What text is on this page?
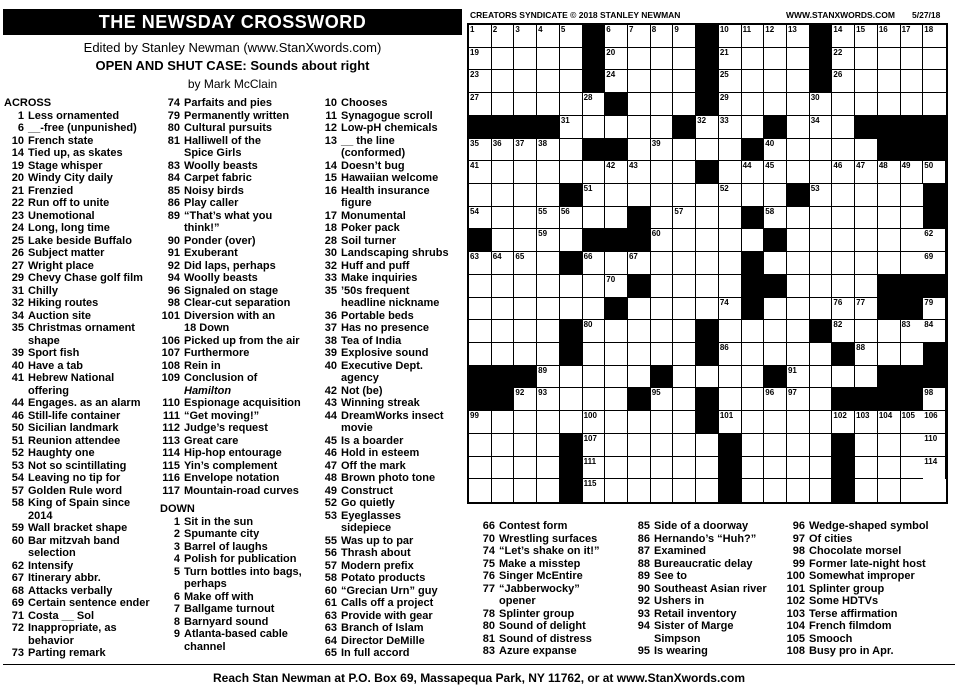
THE NEWSDAY CROSSWORD
Edited by Stanley Newman (www.StanXwords.com)
OPEN AND SHUT CASE: Sounds about right
by Mark McClain
CREATORS SYNDICATE © 2018 STANLEY NEWMAN	WWW.STANXWORDS.COM 5/27/18
1 2 3 4 5	6 7 8 9	10 11 12 13	14 15 16 17 18
19	20	21	22
23	24	25	26
27	28	29	30
31	32 33	34
35 36 37 38	39	40
41	42 43	44 45	46 47 48 49 50
51	52	53
54	55 56	57	58
59	60	62
63 64 65	66	67	69
70
74	76 77	79
80	82	83 84
86	88
89	91
92 93	95	96 97	98
99	100	101	102 103 104 105 106
107	110
111	114
115
ACROSS
1 Less ornamented
6 __-free (unpunished)
10 French state
14 Tied up, as skates
19 Stage whisper
20 Windy City daily
21 Frenzied
22 Run off to unite
23 Unemotional
24 Long, long time
25 Lake beside Buffalo
26 Subject matter
27 Wright place
29 Chevy Chase golf film
31 Chilly
32 Hiking routes
34 Auction site
35 Christmas ornament
shape
39 Sport fish
40 Have a tab
41 Hebrew National
offering
44 Engages. as an alarm
46 Still-life container
50 Sicilian landmark
51 Reunion attendee
52 Haughty one
53 Not so scintillating
54 Leaving no tip for
57 Golden Rule word
58 King of Spain since
2014
59 Wall bracket shape
60 Bar mitzvah band
selection
62 Intensify
67 Itinerary abbr.
68 Attacks verbally
69 Certain sentence ender
71 Costa __ Sol
72 Inappropriate, as
behavior
73 Parting remark
74 Parfaits and pies
79 Permanently written
80 Cultural pursuits
81 Halliwell of the
Spice Girls
83 Woolly beasts
84 Carpet fabric
85 Noisy birds
86 Play caller
89 “That’s what you
think!”
90 Ponder (over)
91 Exuberant
92 Did laps, perhaps
94 Woolly beasts
96 Signaled on stage
98 Clear-cut separation
101 Diversion with an
18 Down
106 Picked up from the air
107 Furthermore
108 Rein in
109 Conclusion of
Hamilton
110 Espionage acquisition
111 “Get moving!”
112 Judge’s request
113 Great care
114 Hip-hop entourage
115 Yin’s complement
116 Envelope notation
117 Mountain-road curves
DOWN
1 Sit in the sun
2 Spumante city
3 Barrel of laughs
4 Polish for publication
5 Turn bottles into bags,
perhaps
6 Make off with
7 Ballgame turnout
8 Barnyard sound
9 Atlanta-based cable
channel
10 Chooses
11 Synagogue scroll
12 Low-pH chemicals
13 __ the line
(conformed)
14 Doesn’t bug
15 Hawaiian welcome
16 Health insurance
figure
17 Monumental
18 Poker pack
28 Soil turner
30 Landscaping shrubs
32 Huff and puff
33 Make inquiries
35 ’50s frequent
headline nickname
36 Portable beds
37 Has no presence
38 Tea of India
39 Explosive sound
40 Executive Dept.
agency
42 Not (be)
43 Winning streak
44 DreamWorks insect
movie
45 Is a boarder
46 Hold in esteem
47 Off the mark
48 Brown photo tone
49 Construct
52 Go quietly
53 Eyeglasses
sidepiece
55 Was up to par
56 Thrash about
57 Modern prefix
58 Potato products
60 “Grecian Urn” guy
61 Calls off a project
63 Provide with gear
63 Branch of Islam
64 Director DeMille
65 In full accord
66 Contest form
70 Wrestling surfaces
74 “Let’s shake on it!”
75 Make a misstep
76 Singer McEntire
77 “Jabberwocky”
opener
78 Splinter group
80 Sound of delight
81 Sound of distress
83 Azure expanse
85 Side of a doorway
86 Hernando’s “Huh?”
87 Examined
88 Bureaucratic delay
89 See to
90 Southeast Asian river
92 Ushers in
93 Retail inventory
94 Sister of Marge
Simpson
95 Is wearing
96 Wedge-shaped symbol
97 Of cities
98 Chocolate morsel
99 Former late-night host
100 Somewhat improper
101 Splinter group
102 Some HDTVs
103 Terse affirmation
104 French filmdom
105 Smooch
108 Busy pro in Apr.
Reach Stan Newman at P.O. Box 69, Massapequa Park, NY 11762, or at www.StanXwords.com
